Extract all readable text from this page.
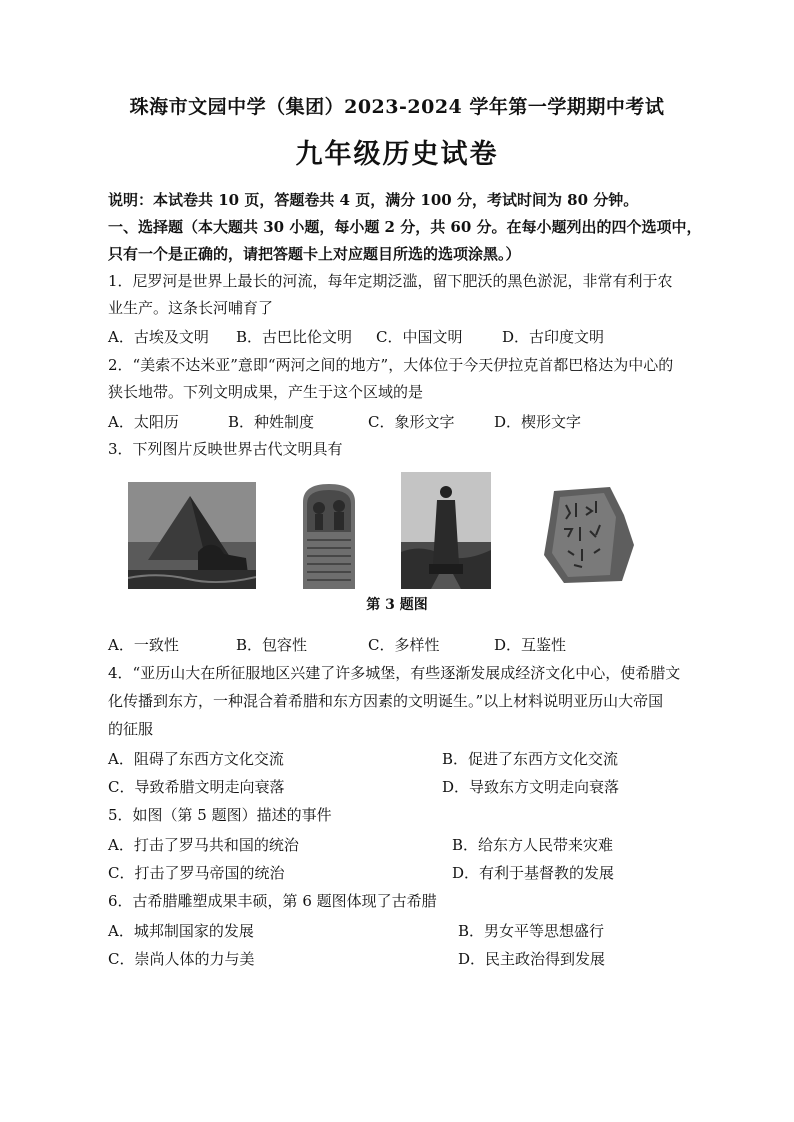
珠海市文园中学（集团）2023-2024 学年第一学期期中考试
九年级历史试卷
说明：本试卷共 10 页，答题卷共 4 页，满分 100 分，考试时间为 80 分钟。
一、选择题（本大题共 30 小题，每小题 2 分，共 60 分。在每小题列出的四个选项中，
只有一个是正确的，请把答题卡上对应题目所选的选项涂黑。）
1．尼罗河是世界上最长的河流，每年定期泛滥，留下肥沃的黑色淤泥，非常有利于农
业生产。这条长河哺育了
A．古埃及文明 B．古巴比伦文明 C．中国文明	D．古印度文明
2．“美索不达米亚”意即“两河之间的地方”，大体位于今天伊拉克首都巴格达为中心的
狭长地带。下列文明成果，产生于这个区域的是
A．太阳历	B．种姓制度	C．象形文字	D．楔形文字
3．下列图片反映世界古代文明具有
第 3 题图
A．一致性	B．包容性	C．多样性	D．互鉴性
4．“亚历山大在所征服地区兴建了许多城堡，有些逐渐发展成经济文化中心，使希腊文
化传播到东方，一种混合着希腊和东方因素的文明诞生。”以上材料说明亚历山大帝国
的征服
A．阻碍了东西方文化交流	B．促进了东西方文化交流
C．导致希腊文明走向衰落	D．导致东方文明走向衰落
5．如图（第 5 题图）描述的事件
A．打击了罗马共和国的统治	B．给东方人民带来灾难
C．打击了罗马帝国的统治	D．有利于基督教的发展
6．古希腊雕塑成果丰硕，第 6 题图体现了古希腊
A．城邦制国家的发展	B．男女平等思想盛行
C．崇尚人体的力与美	D．民主政治得到发展
